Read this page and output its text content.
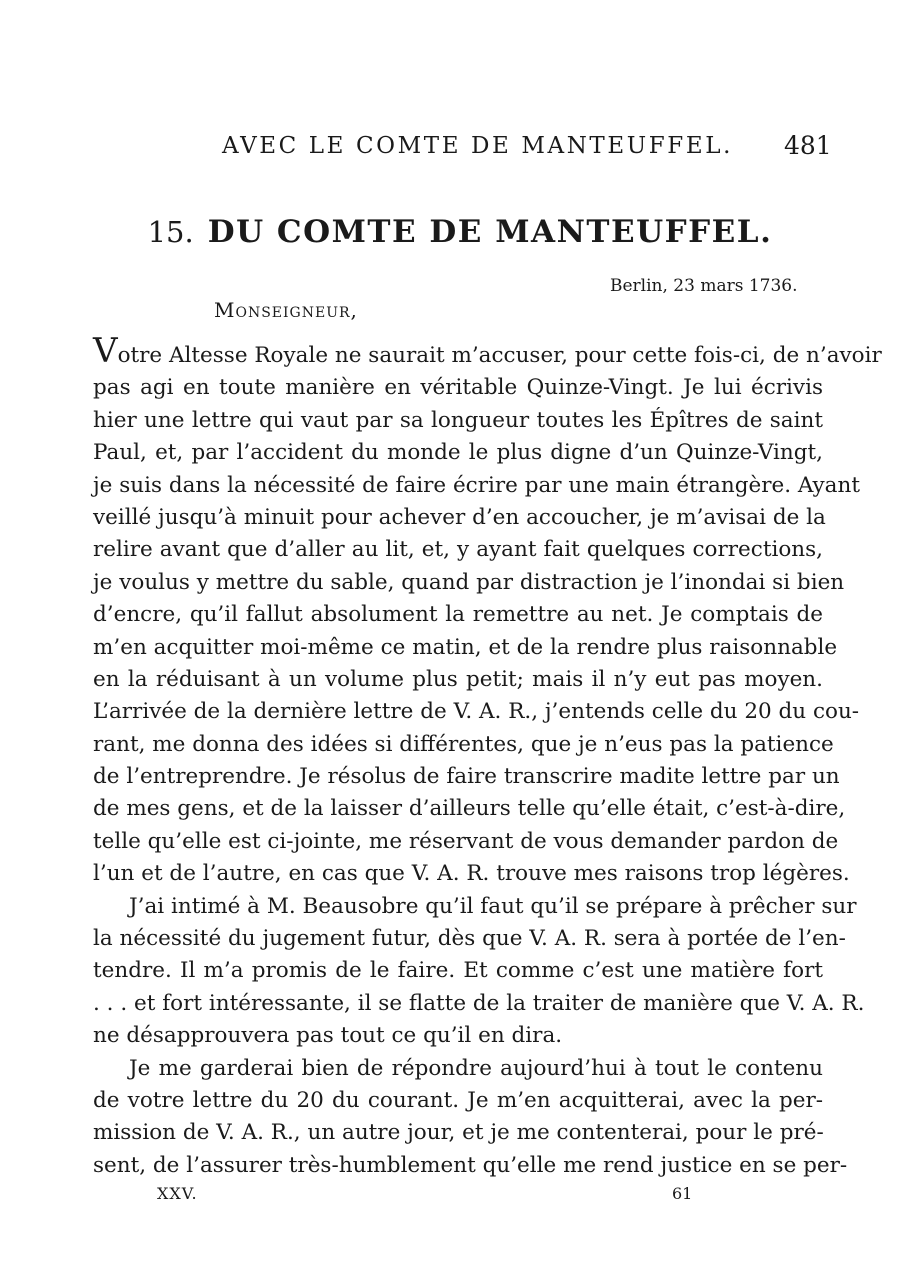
AVEC LE COMTE DE MANTEUFFEL. 481
15. DU COMTE DE MANTEUFFEL.
Berlin, 23 mars 1736.
Monseigneur,
Votre Altesse Royale ne saurait m’accuser, pour cette fois-ci, de n’avoir
pas agi en toute manière en véritable Quinze-Vingt. Je lui écrivis
hier une lettre qui vaut par sa longueur toutes les Épîtres de saint
Paul, et, par l’accident du monde le plus digne d’un Quinze-Vingt,
je suis dans la nécessité de faire écrire par une main étrangère. Ayant
veillé jusqu’à minuit pour achever d’en accoucher, je m’avisai de la
relire avant que d’aller au lit, et, y ayant fait quelques corrections,
je voulus y mettre du sable, quand par distraction je l’inondai si bien
d’encre, qu’il fallut absolument la remettre au net. Je comptais de
m’en acquitter moi-même ce matin, et de la rendre plus raisonnable
en la réduisant à un volume plus petit; mais il n’y eut pas moyen.
L’arrivée de la dernière lettre de V. A. R., j’entends celle du 20 du cou-
rant, me donna des idées si différentes, que je n’eus pas la patience
de l’entreprendre. Je résolus de faire transcrire madite lettre par un
de mes gens, et de la laisser d’ailleurs telle qu’elle était, c’est-à-dire,
telle qu’elle est ci-jointe, me réservant de vous demander pardon de
l’un et de l’autre, en cas que V. A. R. trouve mes raisons trop légères.
J’ai intimé à M. Beausobre qu’il faut qu’il se prépare à prêcher sur
la nécessité du jugement futur, dès que V. A. R. sera à portée de l’en-
tendre. Il m’a promis de le faire. Et comme c’est une matière fort
. . . et fort intéressante, il se flatte de la traiter de manière que V. A. R.
ne désapprouvera pas tout ce qu’il en dira.
Je me garderai bien de répondre aujourd’hui à tout le contenu
de votre lettre du 20 du courant. Je m’en acquitterai, avec la per-
mission de V. A. R., un autre jour, et je me contenterai, pour le pré-
sent, de l’assurer très-humblement qu’elle me rend justice en se per-
XXV.	61
